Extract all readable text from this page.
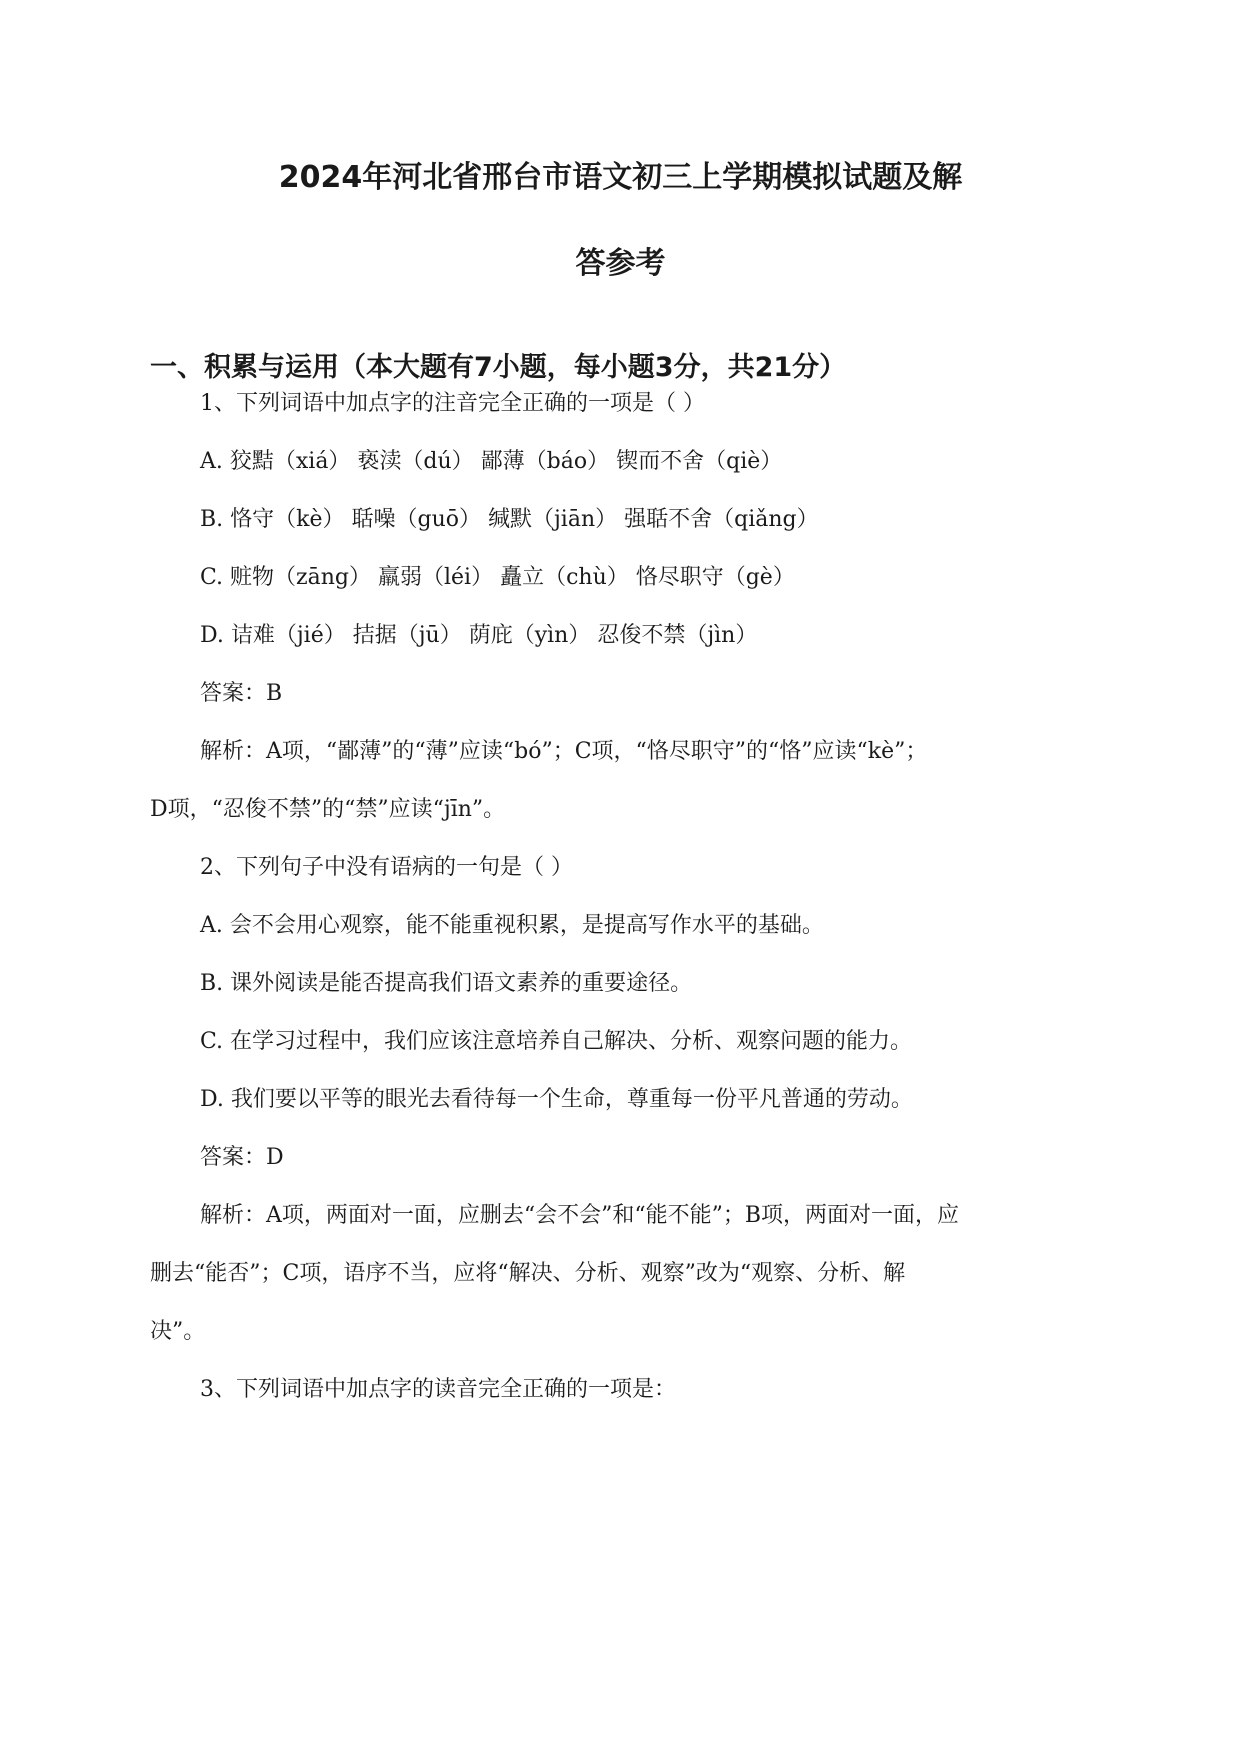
2024年河北省邢台市语文初三上学期模拟试题及解
答参考
一、积累与运用（本大题有7小题，每小题3分，共21分）
1、下列词语中加点字的注音完全正确的一项是（ ）
A. 狡黠（xiá） 亵渎（dú） 鄙薄（báo） 锲而不舍（qiè）
B. 恪守（kè） 聒噪（guō） 缄默（jiān） 强聒不舍（qiǎng）
C. 赃物（zāng） 羸弱（léi） 矗立（chù） 恪尽职守（gè）
D. 诘难（jié） 拮据（jū） 荫庇（yìn） 忍俊不禁（jìn）
答案：B
解析：A项，“鄙薄”的“薄”应读“bó”；C项，“恪尽职守”的“恪”应读“kè”；
D项，“忍俊不禁”的“禁”应读“jīn”。
2、下列句子中没有语病的一句是（ ）
A. 会不会用心观察，能不能重视积累，是提高写作水平的基础。
B. 课外阅读是能否提高我们语文素养的重要途径。
C. 在学习过程中，我们应该注意培养自己解决、分析、观察问题的能力。
D. 我们要以平等的眼光去看待每一个生命，尊重每一份平凡普通的劳动。
答案：D
解析：A项，两面对一面，应删去“会不会”和“能不能”；B项，两面对一面，应
删去“能否”；C项，语序不当，应将“解决、分析、观察”改为“观察、分析、解
决”。
3、下列词语中加点字的读音完全正确的一项是：
